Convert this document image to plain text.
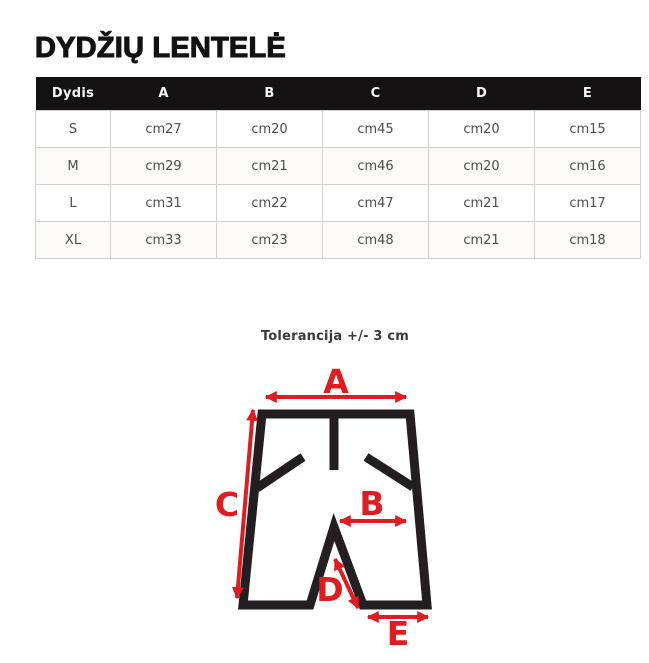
DYDŽIŲ LENTELĖ
Dydis	A	B	C	D	E
S	cm27	cm20	cm45	cm20	cm15
M	cm29	cm21	cm46	cm20	cm16
L	cm31	cm22	cm47	cm21	cm17
XL	cm33	cm23	cm48	cm21	cm18
Tolerancija +/- 3 cm
A
C	B
D
E
